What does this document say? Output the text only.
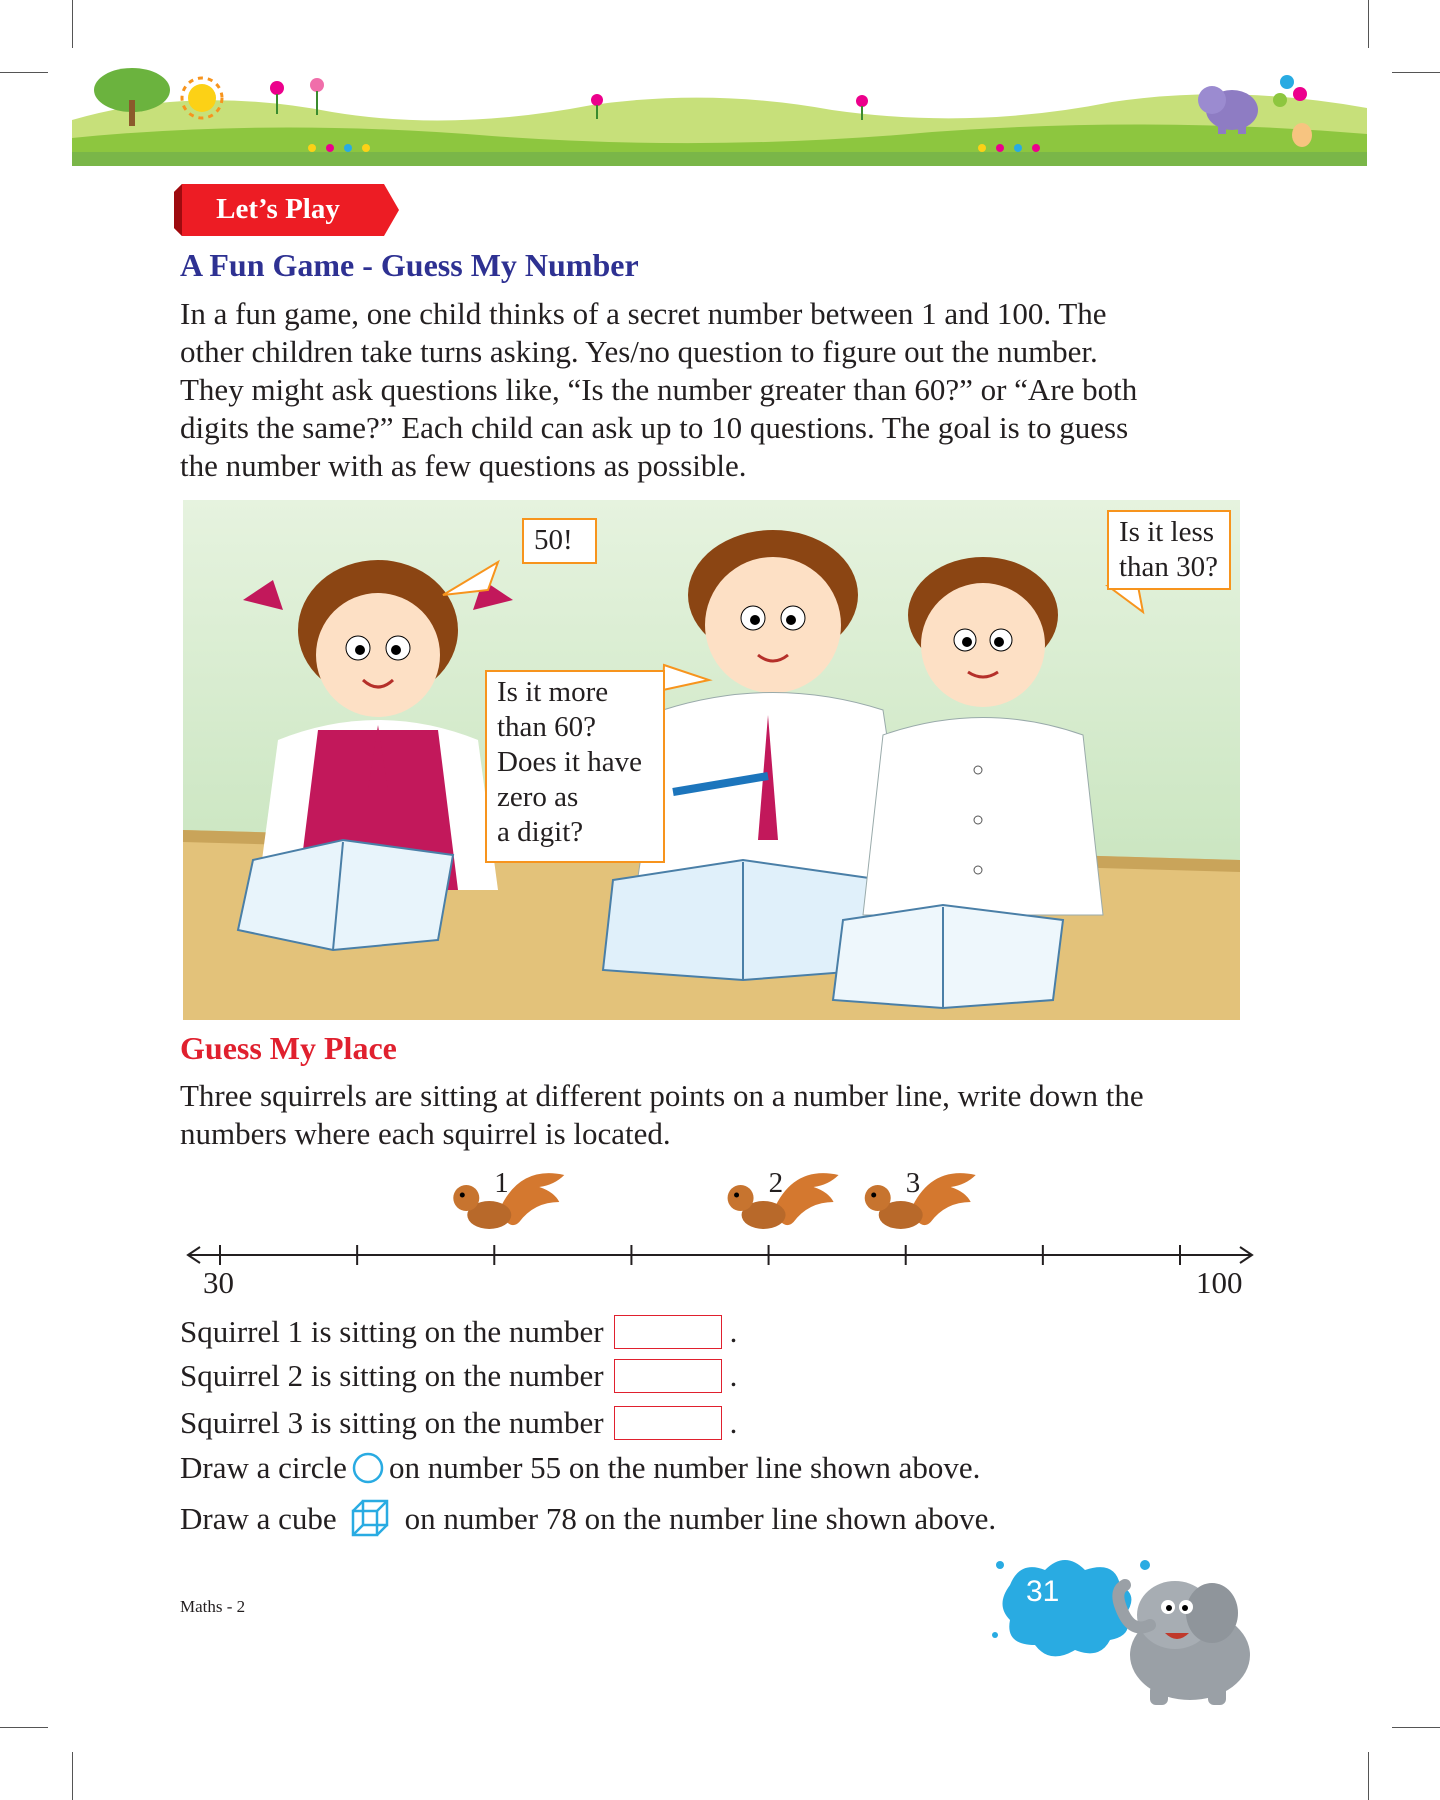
Let’s Play
A Fun Game - Guess My Number

In a fun game, one child thinks of a secret number between 1 and 100. The

other children take turns asking. Yes/no question to figure out the number.

They might ask questions like, “Is the number greater than 60?” or “Are both

digits the same?” Each child can ask up to 10 questions. The goal is to guess

the number with as few questions as possible.

50!
Is it more
than 60?
Does it have
zero as
a digit?
Is it less
than 30?
Guess My Place

Three squirrels are sitting at different points on a number line, write down the

numbers where each squirrel is located.

1	2	3
30	100
Squirrel 1 is sitting on the number	.
Squirrel 2 is sitting on the number	.
Squirrel 3 is sitting on the number	.
Draw a circle on number 55 on the number line shown above.
Draw a cube on number 78 on the number line shown above.
Maths - 2	31
